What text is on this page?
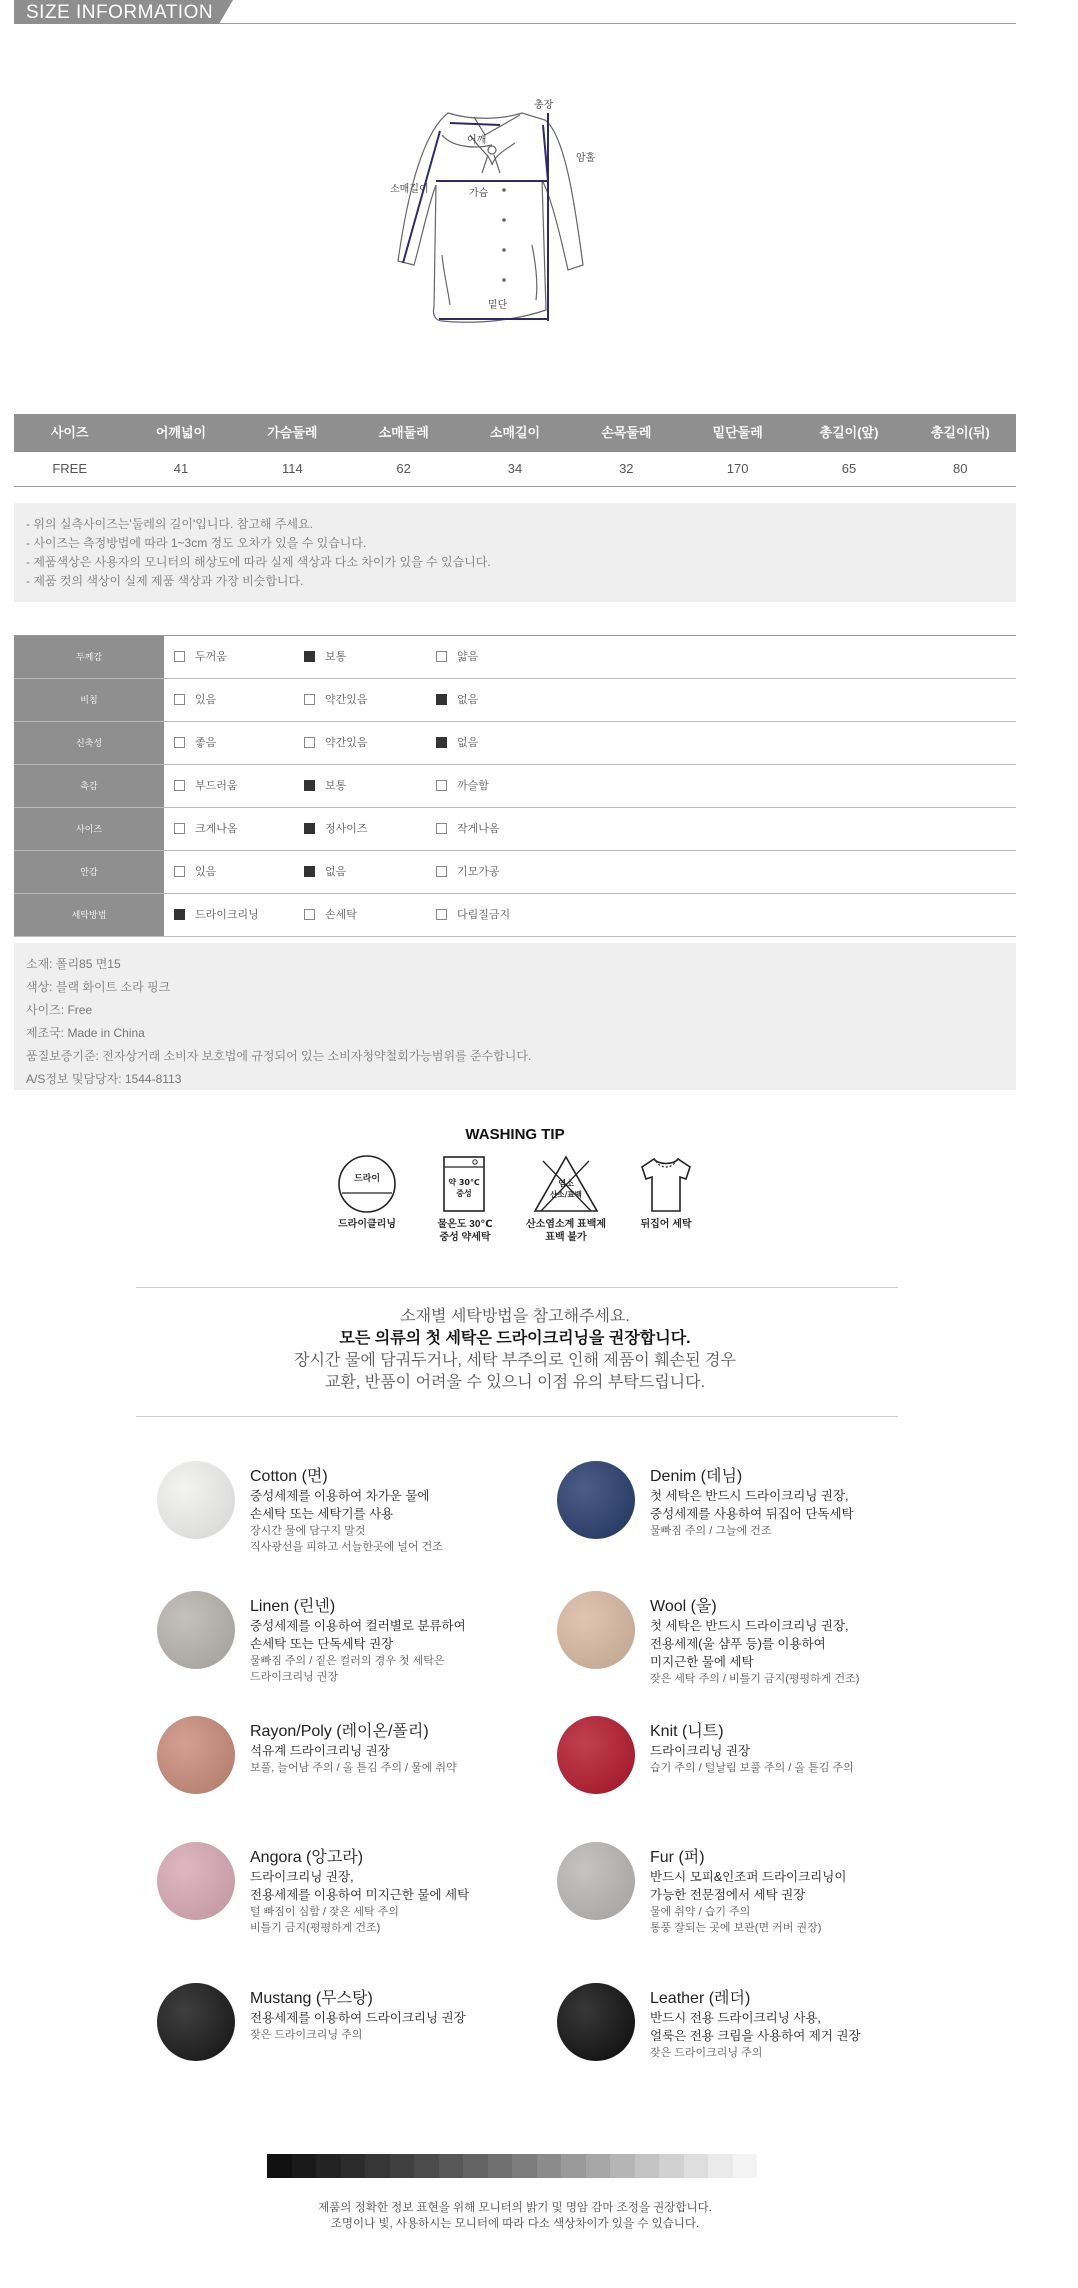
SIZE INFORMATION
총장
어깨
암홀
소매길이	가슴
밑단
사이즈	어깨넓이	가슴둘레	소매둘레	소매길이	손목둘레	밑단둘레	총길이(앞)	총길이(뒤)
FREE	41	114	62	34	32	170	65	80
- 위의 실측사이즈는'둘레의 길이'입니다. 참고해 주세요.
- 사이즈는 측정방법에 따라 1~3cm 정도 오차가 있을 수 있습니다.
- 제품색상은 사용자의 모니터의 해상도에 따라 실제 색상과 다소 차이가 있을 수 있습니다.
- 제품 컷의 색상이 실제 제품 색상과 가장 비슷합니다.
두께감	두꺼움	보통	얇음
비침	있음	약간있음	없음
신축성	좋음	약간있음	없음
촉감	부드러움	보통	까슬함
사이즈	크게나옴	정사이즈	작게나옴
안감	있음	없음	기모가공
세탁방법	드라이크리닝	손세탁	다림질금지
소재: 폴리85 면15
색상: 블랙 화이트 소라 핑크
사이즈: Free
제조국: Made in China
품질보증기준: 전자상거래 소비자 보호법에 규정되어 있는 소비자청약철회가능범위를 준수합니다.
A/S정보 및담당자: 1544-8113
WASHING TIP
드라이
드라이클리닝
약 30℃
중성
물온도 30℃
중성 약세탁
염소
산소/표백
산소염소계 표백제
표백 불가
뒤집어 세탁
소재별 세탁방법을 참고해주세요.
모든 의류의 첫 세탁은 드라이크리닝을 권장합니다.
장시간 물에 담궈두거나, 세탁 부주의로 인해 제품이 훼손된 경우
교환, 반품이 어려울 수 있으니 이점 유의 부탁드립니다.
Cotton (면)
중성세제를 이용하여 차가운 물에
손세탁 또는 세탁기를 사용
장시간 물에 담구지 말것
직사광선을 피하고 서늘한곳에 널어 건조
Denim (데님)
첫 세탁은 반드시 드라이크리닝 권장,
중성세제를 사용하여 뒤집어 단독세탁
물빠짐 주의 / 그늘에 건조
Linen (린넨)
중성세제를 이용하여 컬러별로 분류하여
손세탁 또는 단독세탁 권장
물빠짐 주의 / 짙은 컬러의 경우 첫 세탁은
드라이크리닝 권장
Wool (울)
첫 세탁은 반드시 드라이크리닝 권장,
전용세제(울 샴푸 등)를 이용하여
미지근한 물에 세탁
잦은 세탁 주의 / 비틀기 금지(평평하게 건조)
Rayon/Poly (레이온/폴리)
석유계 드라이크리닝 권장
보풀, 늘어남 주의 / 올 튿김 주의 / 물에 취약
Knit (니트)
드라이크리닝 권장
습기 주의 / 털날림 보풀 주의 / 올 튿김 주의
Angora (앙고라)
드라이크리닝 권장,
전용세제를 이용하여 미지근한 물에 세탁
털 빠짐이 심함 / 잦은 세탁 주의
비틀기 금지(평평하게 건조)
Fur (퍼)
반드시 모피&인조퍼 드라이크리닝이
가능한 전문점에서 세탁 권장
물에 취약 / 습기 주의
통풍 잘되는 곳에 보관(면 커버 권장)
Mustang (무스탕)
전용세제를 이용하여 드라이크리닝 권장
잦은 드라이크리닝 주의
Leather (레더)
반드시 전용 드라이크리닝 사용,
얼룩은 전용 크림을 사용하여 제거 권장
잦은 드라이크리닝 주의
제품의 정확한 정보 표현을 위해 모니터의 밝기 및 명암 감마 조정을 권장합니다.
조명이나 빛, 사용하시는 모니터에 따라 다소 색상차이가 있을 수 있습니다.
